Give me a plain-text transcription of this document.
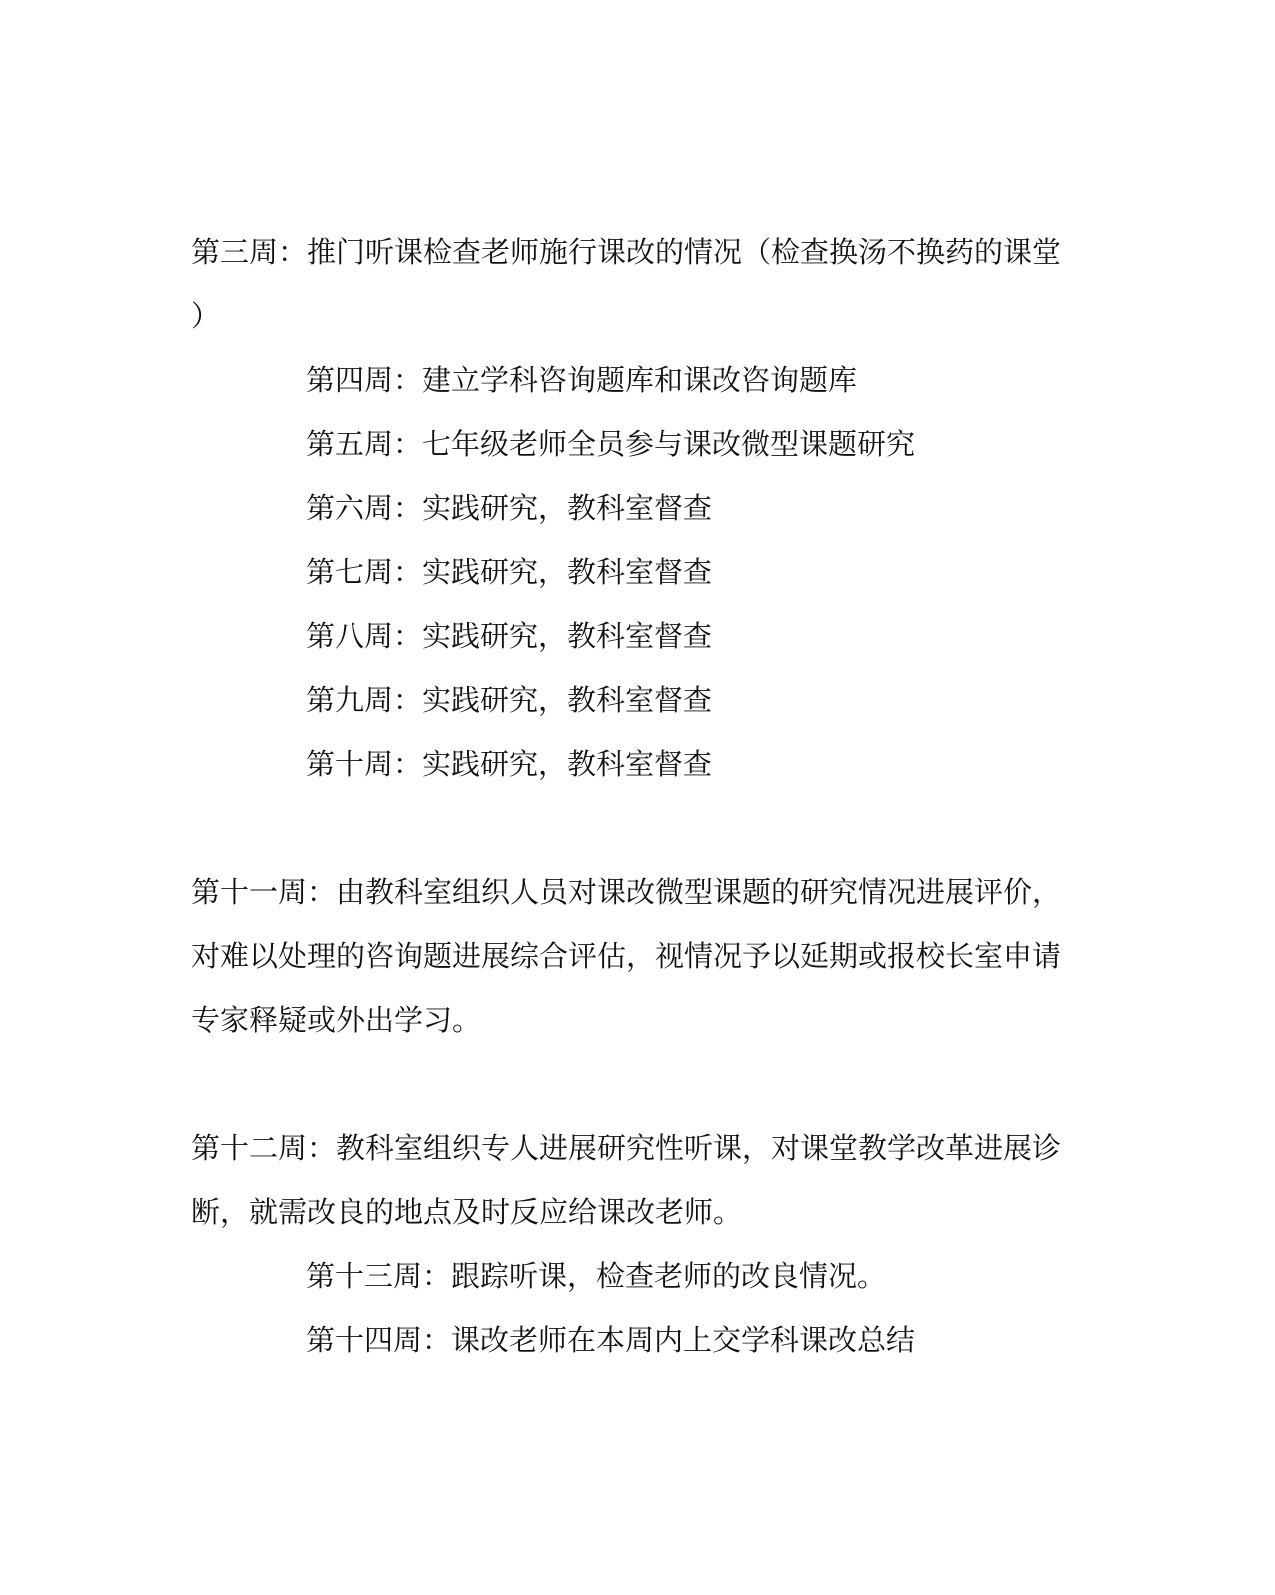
第三周：推门听课检查老师施行课改的情况（检查换汤不换药的课堂
）
第四周：建立学科咨询题库和课改咨询题库
第五周：七年级老师全员参与课改微型课题研究
第六周：实践研究，教科室督查
第七周：实践研究，教科室督查
第八周：实践研究，教科室督查
第九周：实践研究，教科室督查
第十周：实践研究，教科室督查
第十一周：由教科室组织人员对课改微型课题的研究情况进展评价，
对难以处理的咨询题进展综合评估，视情况予以延期或报校长室申请
专家释疑或外出学习。
第十二周：教科室组织专人进展研究性听课，对课堂教学改革进展诊
断，就需改良的地点及时反应给课改老师。
第十三周：跟踪听课，检查老师的改良情况。
第十四周：课改老师在本周内上交学科课改总结
